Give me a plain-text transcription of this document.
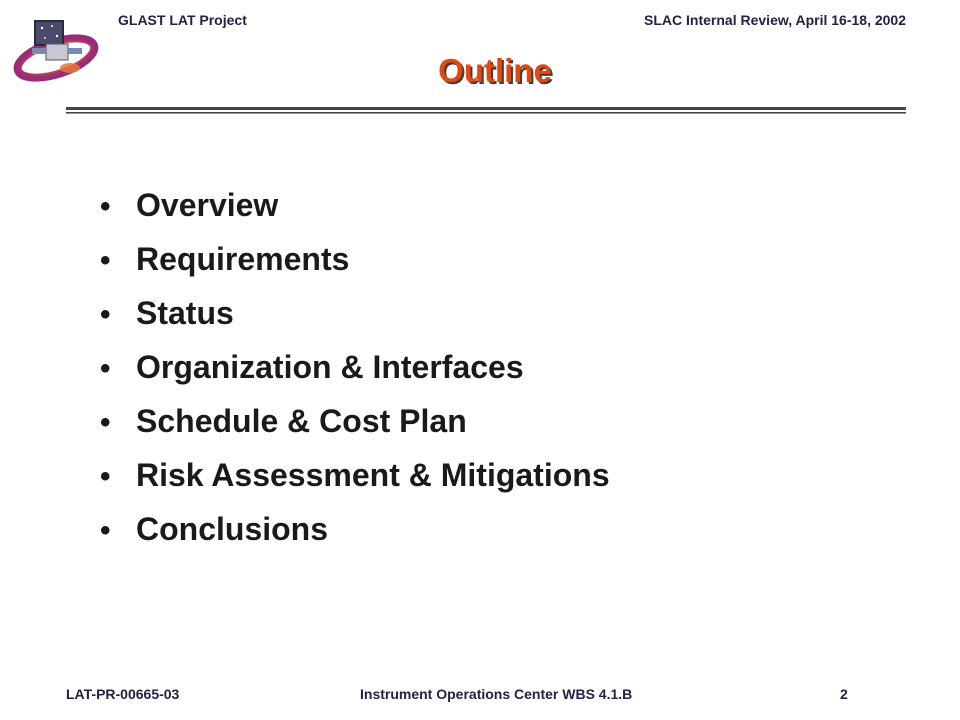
GLAST LAT Project	SLAC Internal Review, April 16-18, 2002
Outline
• Overview
• Requirements
• Status
• Organization & Interfaces
• Schedule & Cost Plan
• Risk Assessment & Mitigations
• Conclusions
LAT-PR-00665-03	Instrument Operations Center WBS 4.1.B	2
